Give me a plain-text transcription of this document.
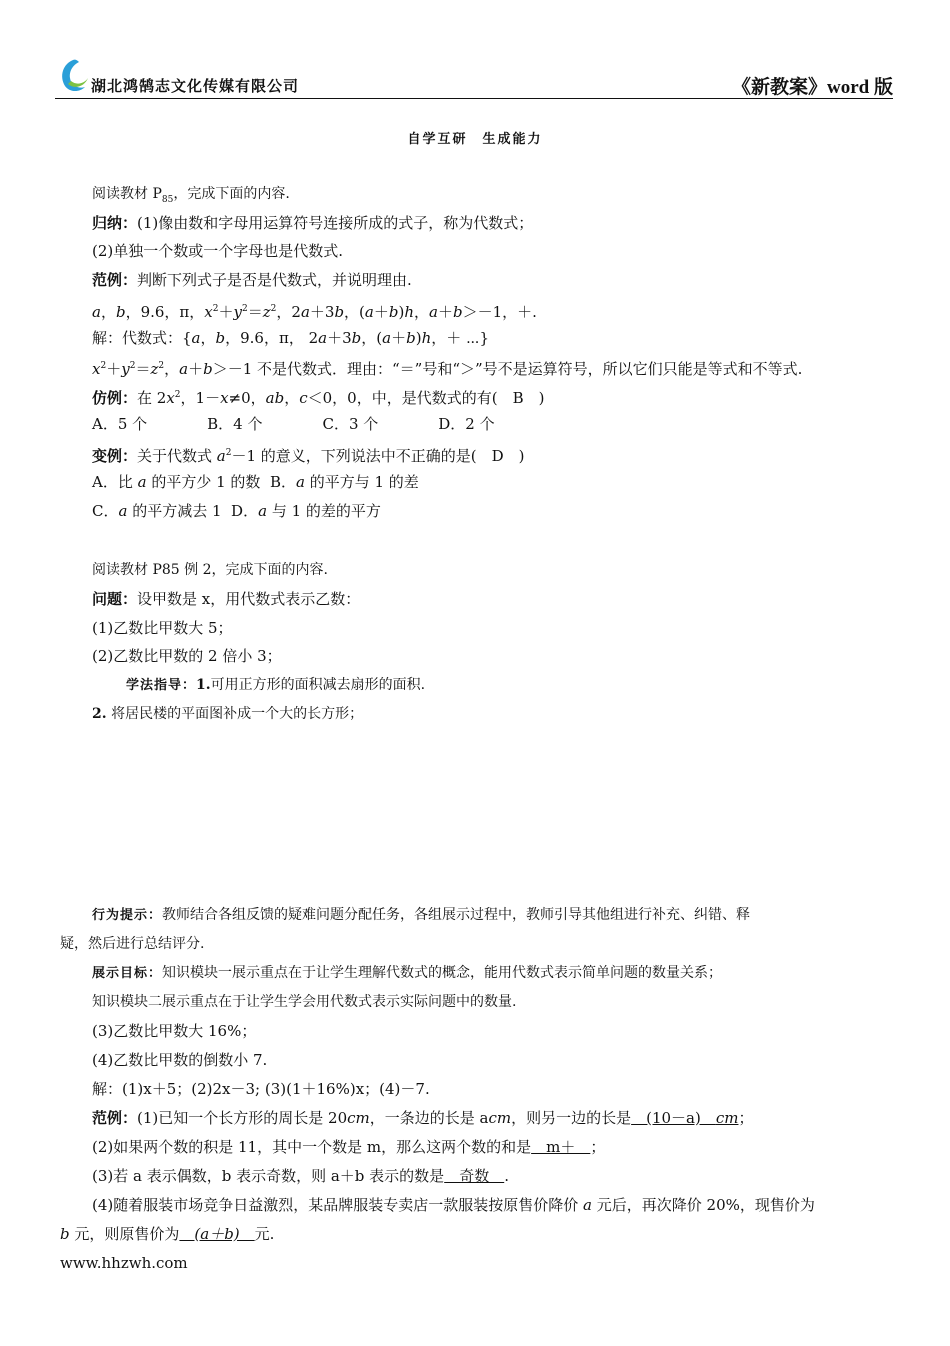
湖北鸿鹄志文化传媒有限公司	《新教案》word 版
自学互研　生成能力
阅读教材 $P_{85}$，完成下面的内容.
归纳：(1)像由数和字母用运算符号连接所成的式子，称为代数式；
(2)单独一个数或一个字母也是代数式.
范例：判断下列式子是否是代数式，并说明理由.
a，b，9.6，π，$x^2+y^2=z^2$，2a＋3b，(a＋b)h，a＋b＞－1，＋.
解：代数式：{a，b，9.6，π， 2a＋3b，(a＋b)h，＋ ⋯}
$x^2+y^2=z^2$，a＋b＞－1 不是代数式．理由：“＝”号和“＞”号不是运算符号，所以它们只能是等式和不等式.
仿例：在 $2x^2$，1－x≠0，ab，c＜0，0，中，是代数式的有(　B　)
A．5 个　　　　B．4 个　　　　C．3 个　　　　D．2 个
变例：关于代数式 $a^2-1$ 的意义，下列说法中不正确的是(　D　)
A．比 a 的平方少 1 的数  B．a 的平方与 1 的差
C．a 的平方减去 1  D．a 与 1 的差的平方
阅读教材 P85 例 2，完成下面的内容.
问题：设甲数是 x，用代数式表示乙数：
(1)乙数比甲数大 5；
(2)乙数比甲数的 2 倍小 3；
学法指导：1.可用正方形的面积减去扇形的面积.
2. 将居民楼的平面图补成一个大的长方形；
行为提示：教师结合各组反馈的疑难问题分配任务，各组展示过程中，教师引导其他组进行补充、纠错、释
疑，然后进行总结评分.
展示目标：知识模块一展示重点在于让学生理解代数式的概念，能用代数式表示简单问题的数量关系；
知识模块二展示重点在于让学生学会用代数式表示实际问题中的数量.
(3)乙数比甲数大 16%；
(4)乙数比甲数的倒数小 7.
解：(1)x＋5；(2)2x－3; (3)(1＋16%)x；(4)－7.
范例：(1)已知一个长方形的周长是 20cm，一条边的长是 acm，则另一边的长是　(10－a)　cm；
(2)如果两个数的积是 11，其中一个数是 m，那么这两个数的和是　m＋　；
(3)若 a 表示偶数，b 表示奇数，则 a＋b 表示的数是　奇数　.
(4)随着服装市场竞争日益激烈，某品牌服装专卖店一款服装按原售价降价 a 元后，再次降价 20%，现售价为
b 元，则原售价为　(a＋b)　元.
www.hhzwh.com
